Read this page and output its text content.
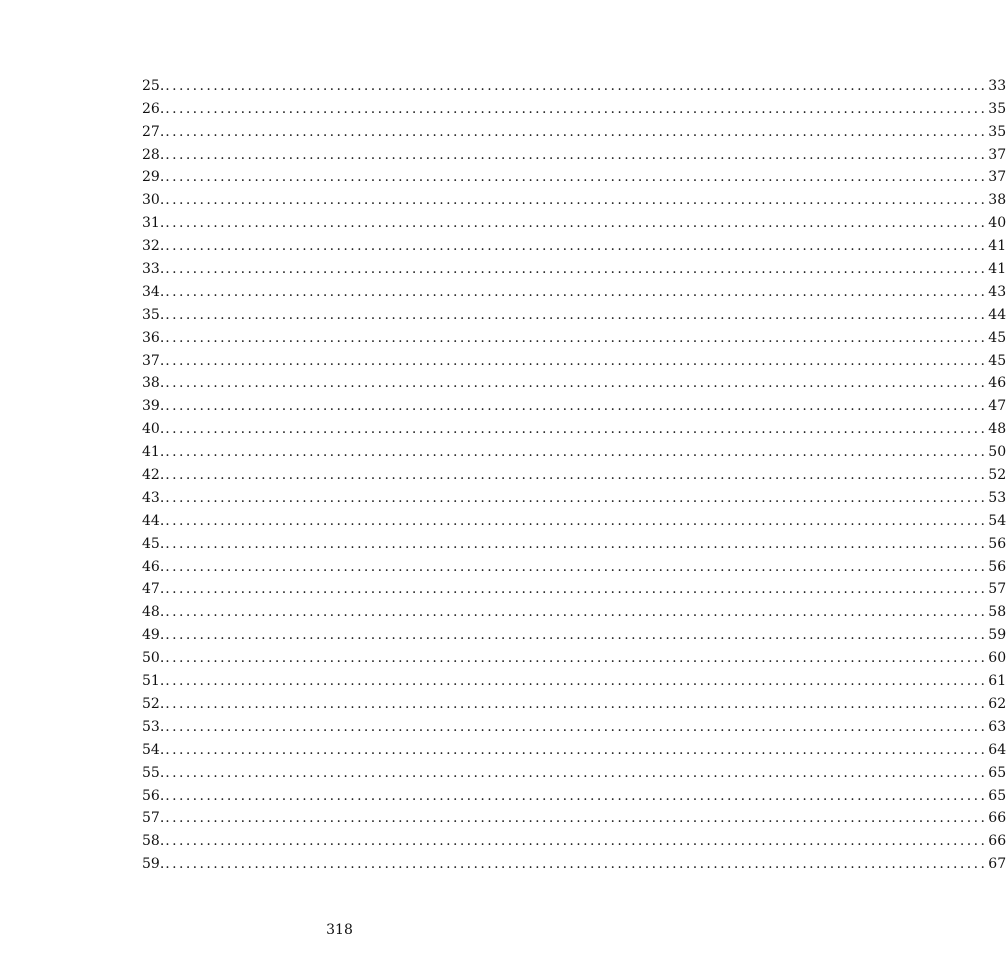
25. ........................................................................................................................ 33
26. ........................................................................................................................ 35
27. ........................................................................................................................ 35
28. ........................................................................................................................ 37
29. ........................................................................................................................ 37
30. ........................................................................................................................ 38
31. ........................................................................................................................ 40
32. ........................................................................................................................ 41
33. ........................................................................................................................ 41
34. ........................................................................................................................ 43
35. ........................................................................................................................ 44
36. ........................................................................................................................ 45
37. ........................................................................................................................ 45
38. ........................................................................................................................ 46
39. ........................................................................................................................ 47
40. ........................................................................................................................ 48
41. ........................................................................................................................ 50
42. ........................................................................................................................ 52
43. ........................................................................................................................ 53
44. ........................................................................................................................ 54
45. ........................................................................................................................ 56
46. ........................................................................................................................ 56
47. ........................................................................................................................ 57
48. ........................................................................................................................ 58
49. ........................................................................................................................ 59
50. ........................................................................................................................ 60
51. ........................................................................................................................ 61
52. ........................................................................................................................ 62
53. ........................................................................................................................ 63
54. ........................................................................................................................ 64
55. ........................................................................................................................ 65
56. ........................................................................................................................ 65
57. ........................................................................................................................ 66
58. ........................................................................................................................ 66
59. ........................................................................................................................ 67
318
